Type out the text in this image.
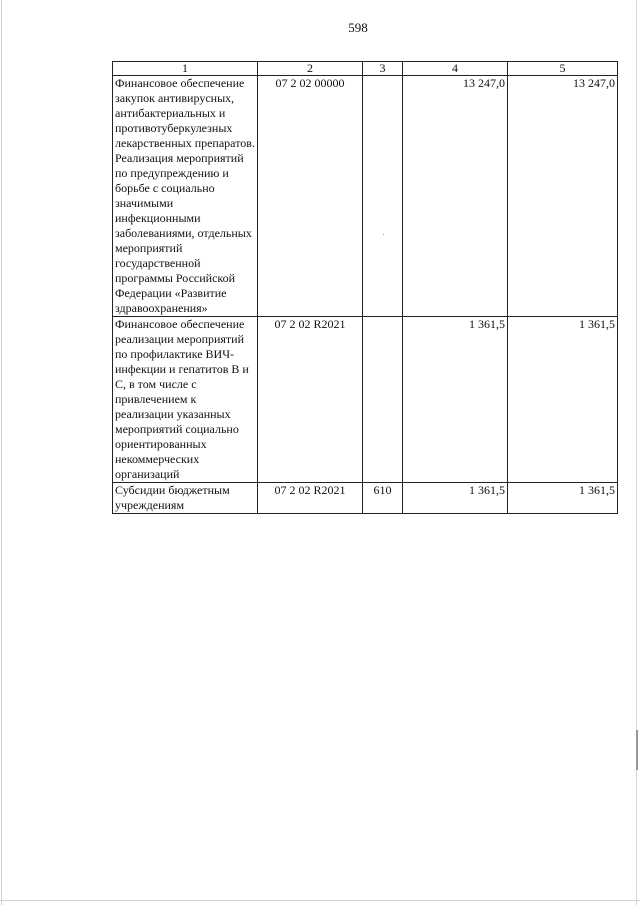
598
1	2	3	4	5
Финансовое обеспечение закупок антивирусных, антибактериальных и противотуберкулезных лекарственных препаратов. Реализация мероприятий по предупреждению и борьбе с социально значимыми инфекционными заболеваниями, отдельных мероприятий государственной программы Российской Федерации «Развитие здравоохранения»	07 2 02 00000		13 247,0	13 247,0
Финансовое обеспечение реализации мероприятий по профилактике ВИЧ-инфекции и гепатитов В и С, в том числе с привлечением к реализации указанных мероприятий социально ориентированных некоммерческих организаций	07 2 02 R2021		1 361,5	1 361,5
Субсидии бюджетным учреждениям	07 2 02 R2021	610	1 361,5	1 361,5
